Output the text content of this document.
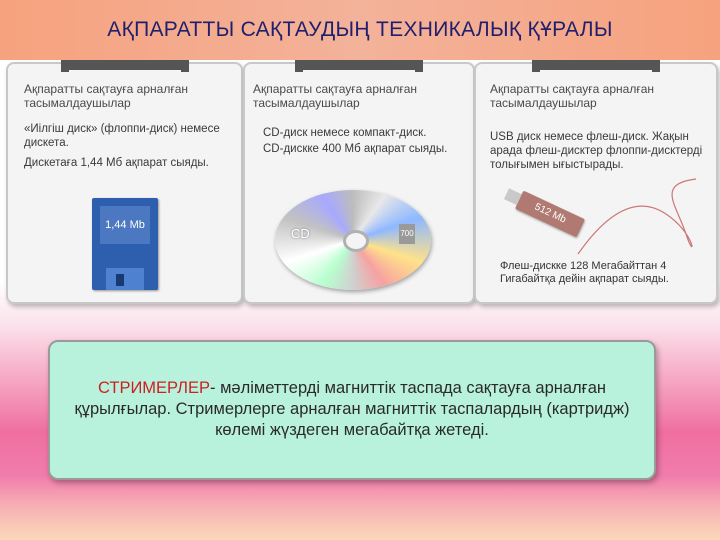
АҚПАРАТТЫ САҚТАУДЫҢ ТЕХНИКАЛЫҚ ҚҰРАЛЫ
Ақпаратты сақтауға арналған тасымалдаушылар
«Иілгіш диск» (флоппи-диск) немесе дискета.
Дискетаға 1,44 Мб ақпарат сыяды.
1,44 Mb
Ақпаратты сақтауға арналған тасымалдаушылар
CD-диск немесе компакт-диск.
CD-дискке 400 Мб ақпарат сыяды.
CD	700
Ақпаратты сақтауға арналған тасымалдаушылар
USB диск немесе флеш-диск. Жақын арада флеш-дисктер флоппи-дисктерді толығымен ығыстырады.
512 Mb
Флеш-дискке 128 Мегабайттан 4 Гигабайтқа дейін ақпарат сыяды.
СТРИМЕРЛЕР- мәліметтерді магниттік таспада сақтауға арналған құрылғылар. Стримерлерге арналған магниттік таспалардың (картридж) көлемі жүздеген мегабайтқа жетеді.
